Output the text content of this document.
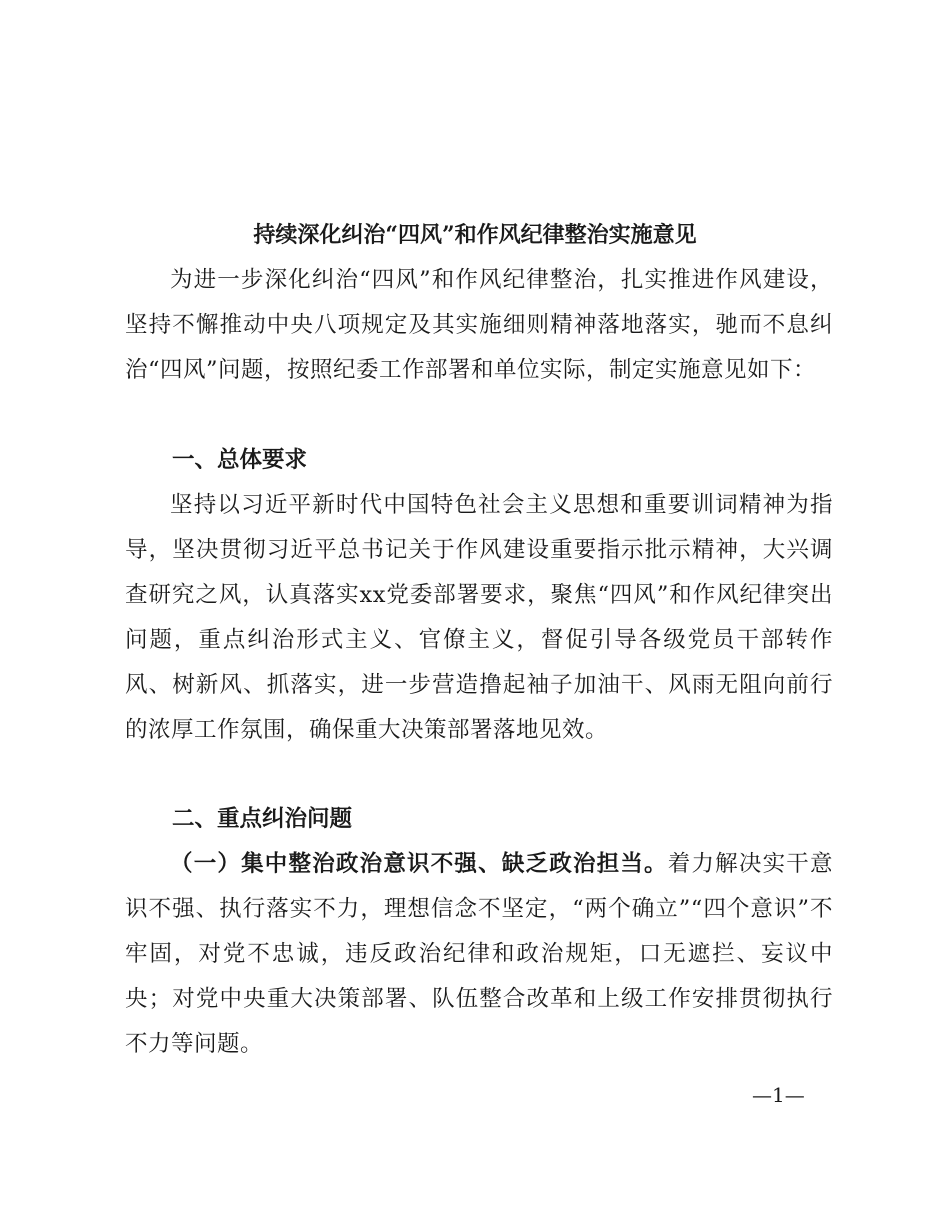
持续深化纠治“四风”和作风纪律整治实施意见

为进一步深化纠治“四风”和作风纪律整治，扎实推进作风建设，坚持不懈推动中央八项规定及其实施细则精神落地落实，驰而不息纠治“四风”问题，按照纪委工作部署和单位实际，制定实施意见如下：

一、总体要求

坚持以习近平新时代中国特色社会主义思想和重要训词精神为指导，坚决贯彻习近平总书记关于作风建设重要指示批示精神，大兴调查研究之风，认真落实xx党委部署要求，聚焦“四风”和作风纪律突出问题，重点纠治形式主义、官僚主义，督促引导各级党员干部转作风、树新风、抓落实，进一步营造撸起袖子加油干、风雨无阻向前行的浓厚工作氛围，确保重大决策部署落地见效。

二、重点纠治问题

（一）集中整治政治意识不强、缺乏政治担当。着力解决实干意识不强、执行落实不力，理想信念不坚定，“两个确立”“四个意识”不牢固，对党不忠诚，违反政治纪律和政治规矩，口无遮拦、妄议中央；对党中央重大决策部署、队伍整合改革和上级工作安排贯彻执行不力等问题。

—1—
